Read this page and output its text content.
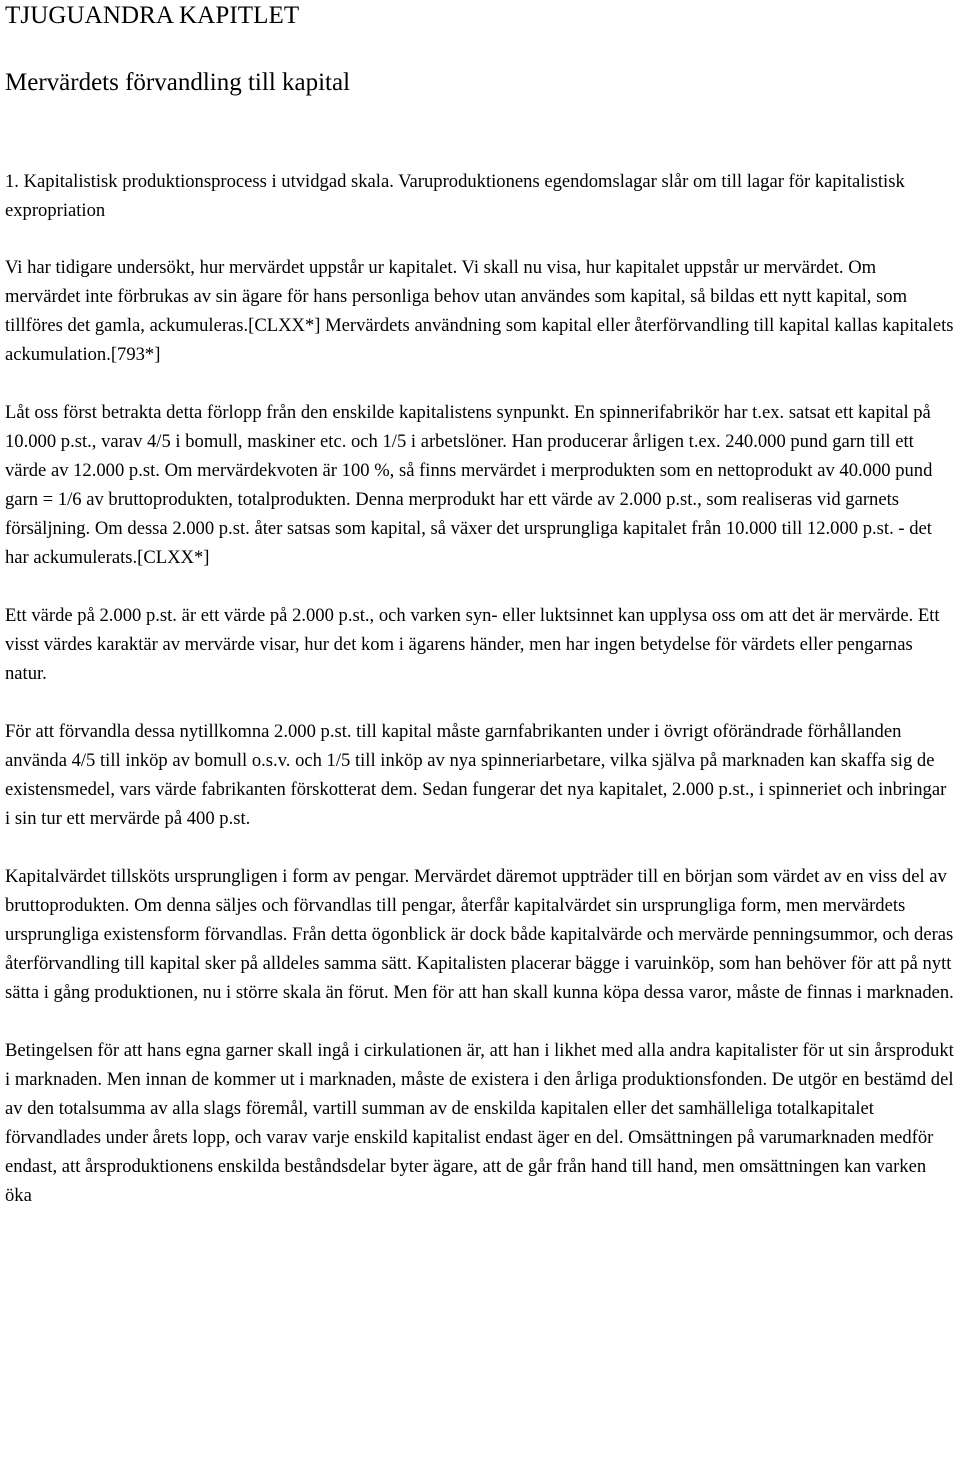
TJUGUANDRA KAPITLET
Mervärdets förvandling till kapital

1. Kapitalistisk produktionsprocess i utvidgad skala. Varuproduktionens egendomslagar slår om till lagar för kapitalistisk expropriation

Vi har tidigare undersökt, hur mervärdet uppstår ur kapitalet. Vi skall nu visa, hur kapitalet uppstår ur mervärdet. Om mervärdet inte förbrukas av sin ägare för hans personliga behov utan användes som kapital, så bildas ett nytt kapital, som tillföres det gamla, ackumuleras.[CLXX*] Mervärdets användning som kapital eller återförvandling till kapital kallas kapitalets ackumulation.[793*]

Låt oss först betrakta detta förlopp från den enskilde kapitalistens synpunkt. En spinnerifabrikör har t.ex. satsat ett kapital på 10.000 p.st., varav 4/5 i bomull, maskiner etc. och 1/5 i arbetslöner. Han producerar årligen t.ex. 240.000 pund garn till ett värde av 12.000 p.st. Om mervärdekvoten är 100 %, så finns mervärdet i merprodukten som en nettoprodukt av 40.000 pund garn = 1/6 av bruttoprodukten, totalprodukten. Denna merprodukt har ett värde av 2.000 p.st., som realiseras vid garnets försäljning. Om dessa 2.000 p.st. åter satsas som kapital, så växer det ursprungliga kapitalet från 10.000 till 12.000 p.st. - det har ackumulerats.[CLXX*]

Ett värde på 2.000 p.st. är ett värde på 2.000 p.st., och varken syn- eller luktsinnet kan upplysa oss om att det är mervärde. Ett visst värdes karaktär av mervärde visar, hur det kom i ägarens händer, men har ingen betydelse för värdets eller pengarnas natur.

För att förvandla dessa nytillkomna 2.000 p.st. till kapital måste garnfabrikanten under i övrigt oförändrade förhållanden använda 4/5 till inköp av bomull o.s.v. och 1/5 till inköp av nya spinneriarbetare, vilka själva på marknaden kan skaffa sig de existensmedel, vars värde fabrikanten förskotterat dem. Sedan fungerar det nya kapitalet, 2.000 p.st., i spinneriet och inbringar i sin tur ett mervärde på 400 p.st.

Kapitalvärdet tillsköts ursprungligen i form av pengar. Mervärdet däremot uppträder till en början som värdet av en viss del av bruttoprodukten. Om denna säljes och förvandlas till pengar, återfår kapitalvärdet sin ursprungliga form, men mervärdets ursprungliga existensform förvandlas. Från detta ögonblick är dock både kapitalvärde och mervärde penningsummor, och deras återförvandling till kapital sker på alldeles samma sätt. Kapitalisten placerar bägge i varuinköp, som han behöver för att på nytt sätta i gång produktionen, nu i större skala än förut. Men för att han skall kunna köpa dessa varor, måste de finnas i marknaden.

Betingelsen för att hans egna garner skall ingå i cirkulationen är, att han i likhet med alla andra kapitalister för ut sin årsprodukt i marknaden. Men innan de kommer ut i marknaden, måste de existera i den årliga produktionsfonden. De utgör en bestämd del av den totalsumma av alla slags föremål, vartill summan av de enskilda kapitalen eller det samhälleliga totalkapitalet förvandlades under årets lopp, och varav varje enskild kapitalist endast äger en del. Omsättningen på varumarknaden medför endast, att årsproduktionens enskilda beståndsdelar byter ägare, att de går från hand till hand, men omsättningen kan varken öka
